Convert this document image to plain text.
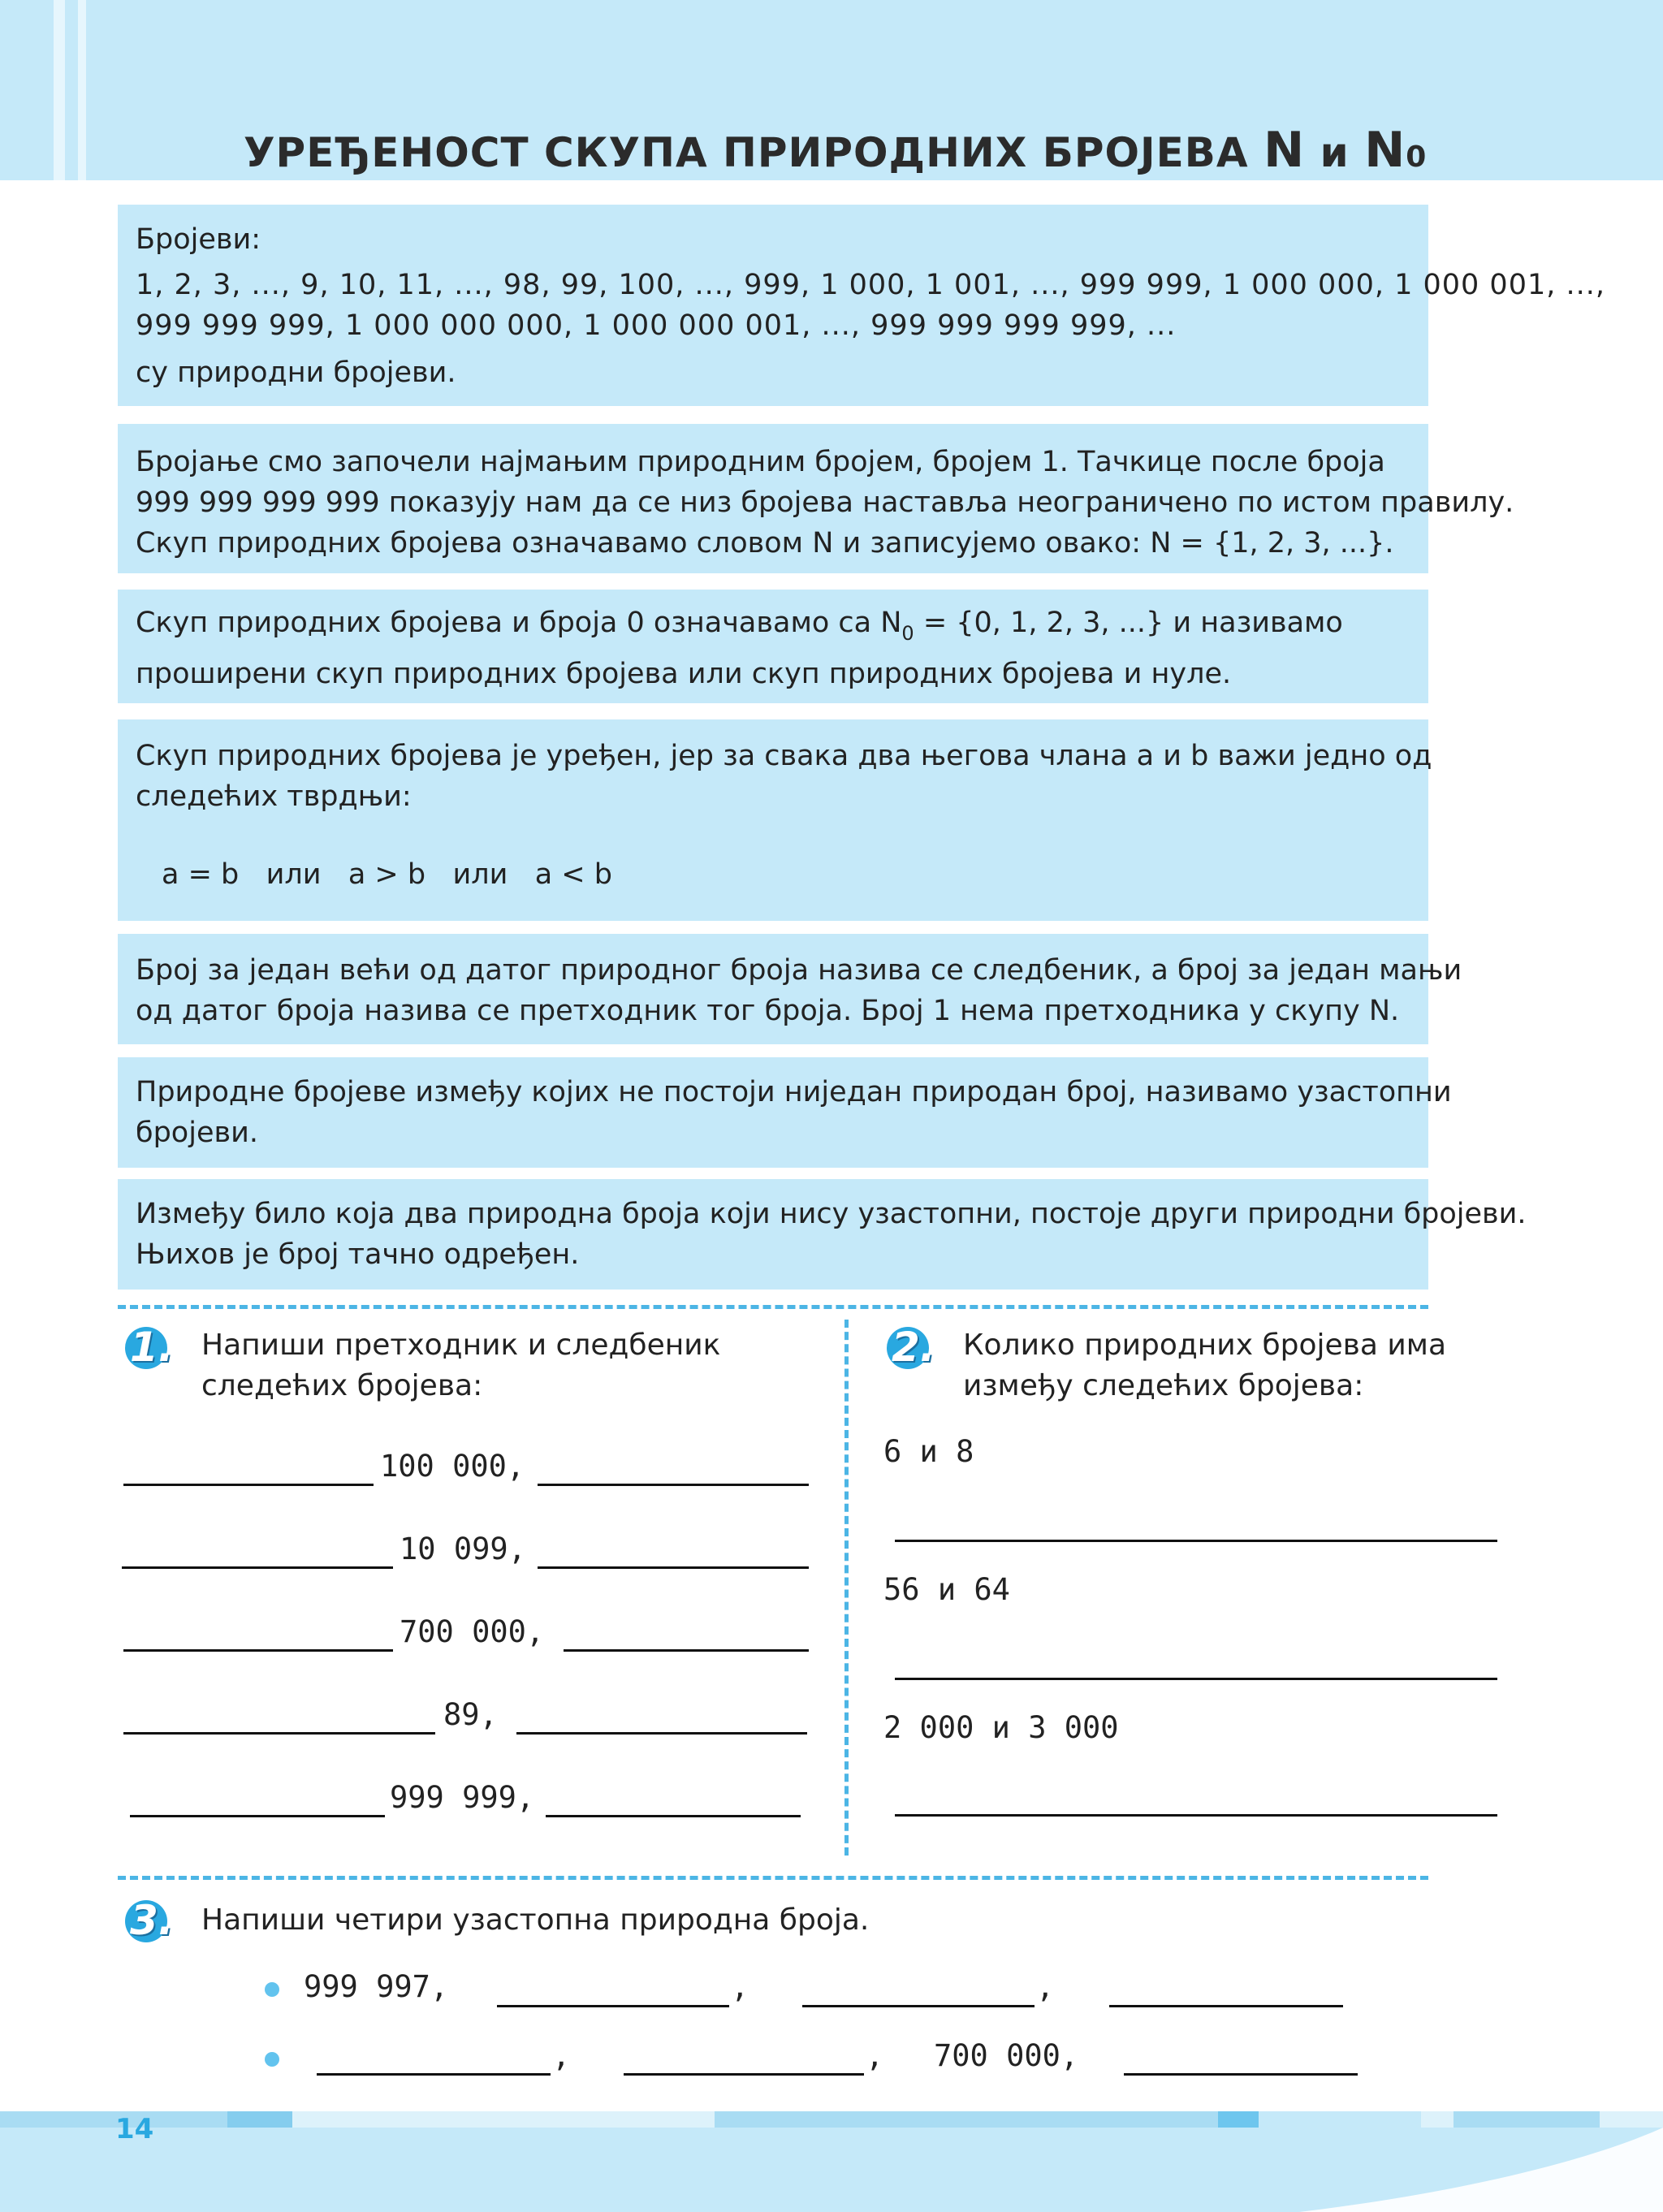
УРЕЂЕНОСТ СКУПА ПРИРОДНИХ БРОЈЕВА N и N0

Бројеви:

1, 2, 3, ..., 9, 10, 11, ..., 98, 99, 100, ..., 999, 1 000, 1 001, ..., 999 999, 1 000 000, 1 000 001, ...,

999 999 999, 1 000 000 000, 1 000 000 001, ..., 999 999 999 999, ...

су природни бројеви.

Бројање смо започели најмањим природним бројем, бројем 1. Тачкице после броја

999 999 999 999 показују нам да се низ бројева наставља неограничено по истом правилу.

Скуп природних бројева означавамо словом N и записујемо овако: N = {1, 2, 3, ...}.

Скуп природних бројева и броја 0 означавамо са $N_0 = \{0$, 1, 2, 3, ...} и називамо

проширени скуп природних бројева или скуп природних бројева и нуле.

Скуп природних бројева је уређен, јер за свака два његова члана a и b важи једно од

следећих тврдњи:

a = b   или   a > b   или   a < b

Број за један већи од датог природног броја назива се следбеник, а број за један мањи

од датог броја назива се претходник тог броја. Број 1 нема претходника у скупу N.

Природне бројеве између којих не постоји ниједан природан број, називамо узастопни

бројеви.

Између било која два природна броја који нису узастопни, постоје други природни бројеви.

Њихов је број тачно одређен.

1. Напиши претходник и следбеник

следећих бројева:

100 000,
10 099,
700 000,
89,
999 999,
2. Колико природних бројева има

између следећих бројева:

6 и 8
56 и 64
2 000 и 3 000
3. Напиши четири узастопна природна броја.
999 997,	,	,
,	, 700 000,
14
